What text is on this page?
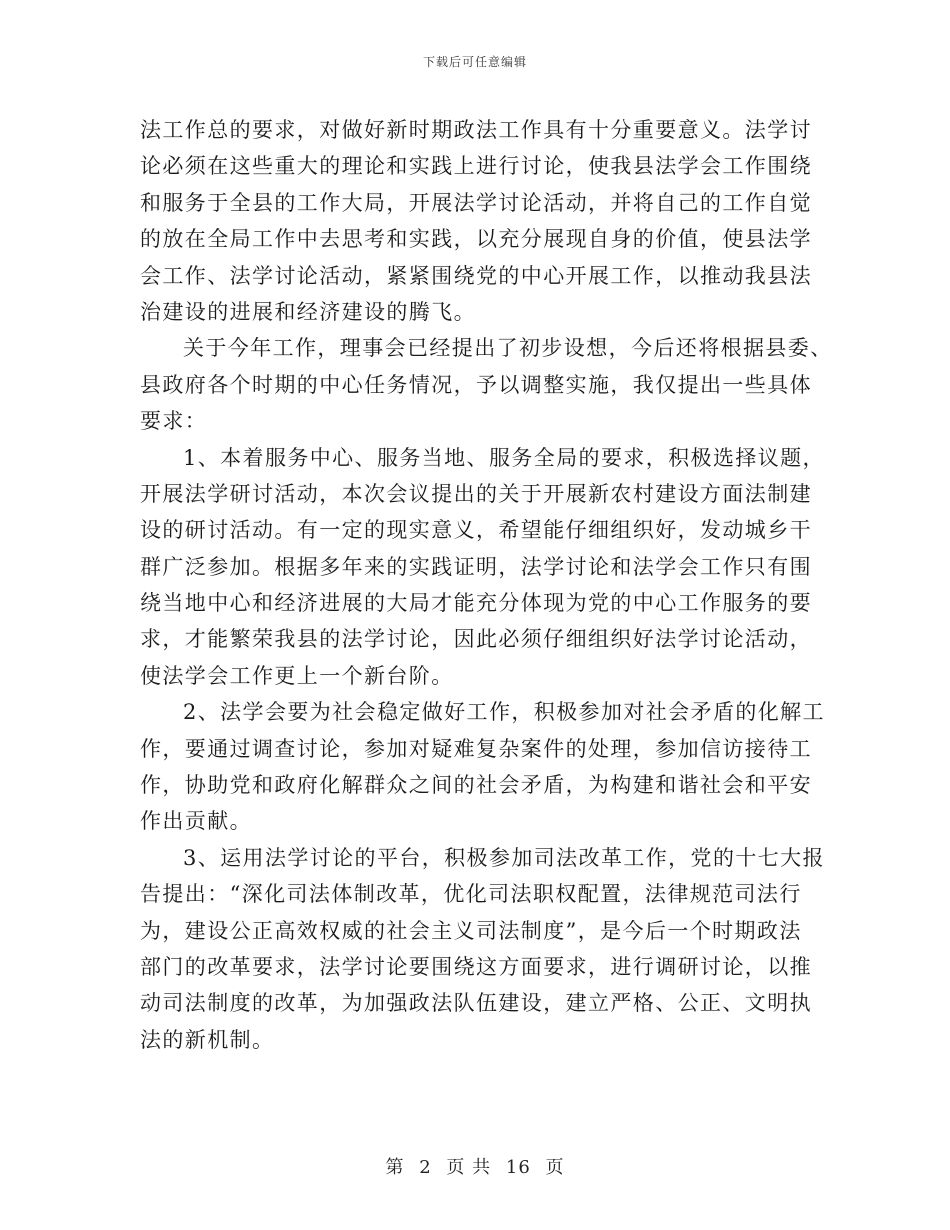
下载后可任意编辑
法工作总的要求，对做好新时期政法工作具有十分重要意义。法学讨
论必须在这些重大的理论和实践上进行讨论，使我县法学会工作围绕
和服务于全县的工作大局，开展法学讨论活动，并将自己的工作自觉
的放在全局工作中去思考和实践，以充分展现自身的价值，使县法学
会工作、法学讨论活动，紧紧围绕党的中心开展工作，以推动我县法
治建设的进展和经济建设的腾飞。
关于今年工作，理事会已经提出了初步设想，今后还将根据县委、
县政府各个时期的中心任务情况，予以调整实施，我仅提出一些具体
要求：
1、本着服务中心、服务当地、服务全局的要求，积极选择议题，
开展法学研讨活动，本次会议提出的关于开展新农村建设方面法制建
设的研讨活动。有一定的现实意义，希望能仔细组织好，发动城乡干
群广泛参加。根据多年来的实践证明，法学讨论和法学会工作只有围
绕当地中心和经济进展的大局才能充分体现为党的中心工作服务的要
求，才能繁荣我县的法学讨论，因此必须仔细组织好法学讨论活动，
使法学会工作更上一个新台阶。
2、法学会要为社会稳定做好工作，积极参加对社会矛盾的化解工
作，要通过调查讨论，参加对疑难复杂案件的处理，参加信访接待工
作，协助党和政府化解群众之间的社会矛盾，为构建和谐社会和平安
作出贡献。
3、运用法学讨论的平台，积极参加司法改革工作，党的十七大报
告提出：“深化司法体制改革，优化司法职权配置，法律规范司法行
为，建设公正高效权威的社会主义司法制度”，是今后一个时期政法
部门的改革要求，法学讨论要围绕这方面要求，进行调研讨论，以推
动司法制度的改革，为加强政法队伍建设，建立严格、公正、文明执
法的新机制。
第 2 页 共 16 页
